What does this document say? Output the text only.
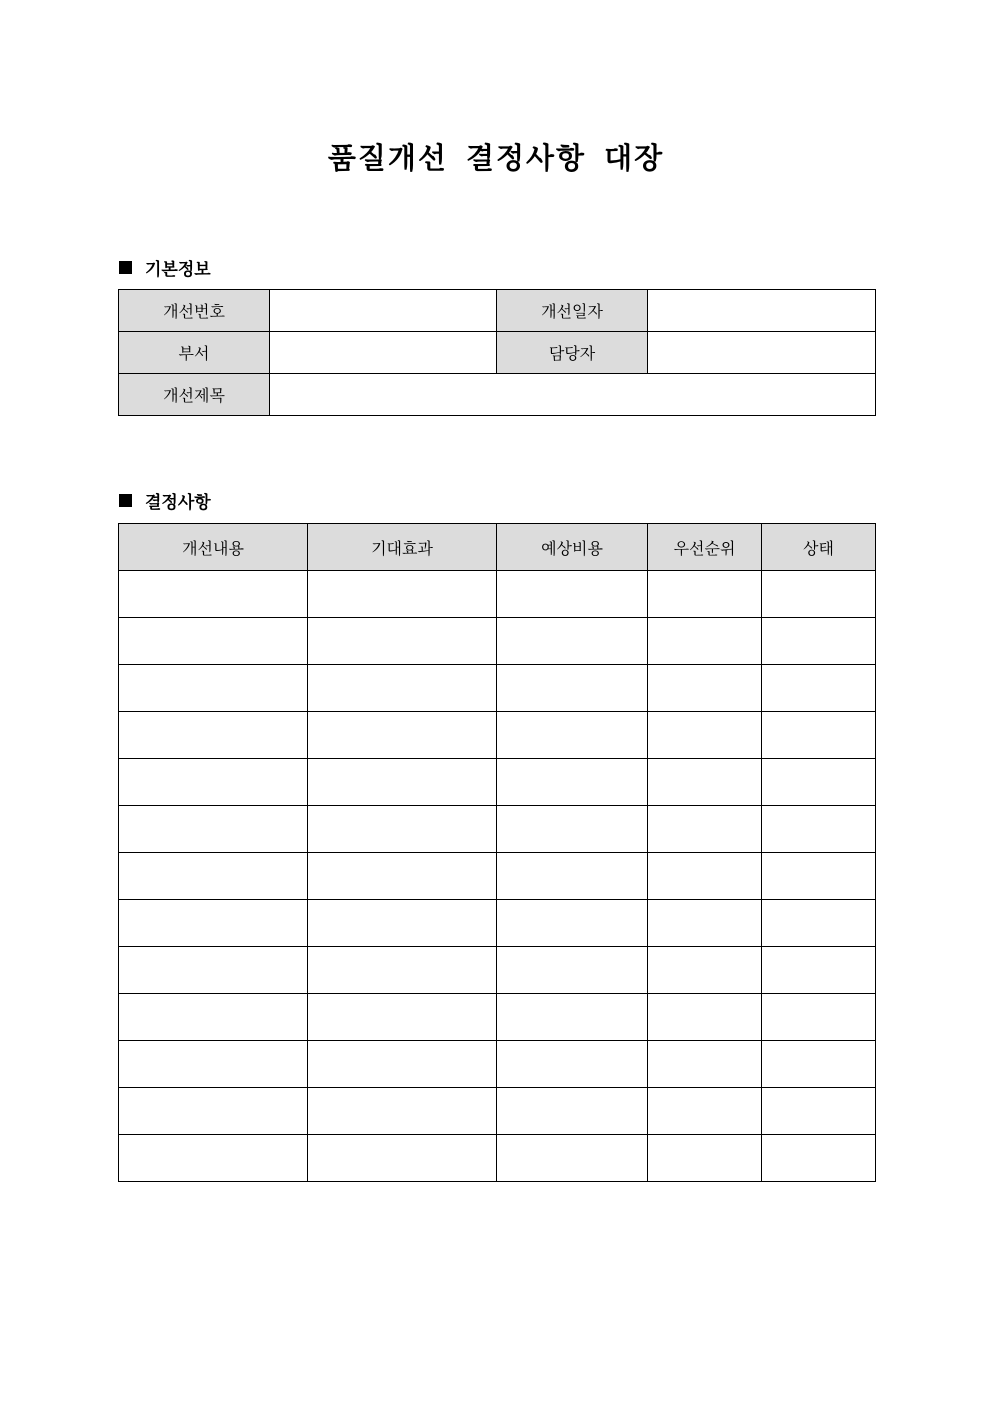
품질개선 결정사항 대장
기본정보
개선번호		개선일자	
부서		담당자	
개선제목			
결정사항
개선내용	기대효과	예상비용	우선순위	상태
